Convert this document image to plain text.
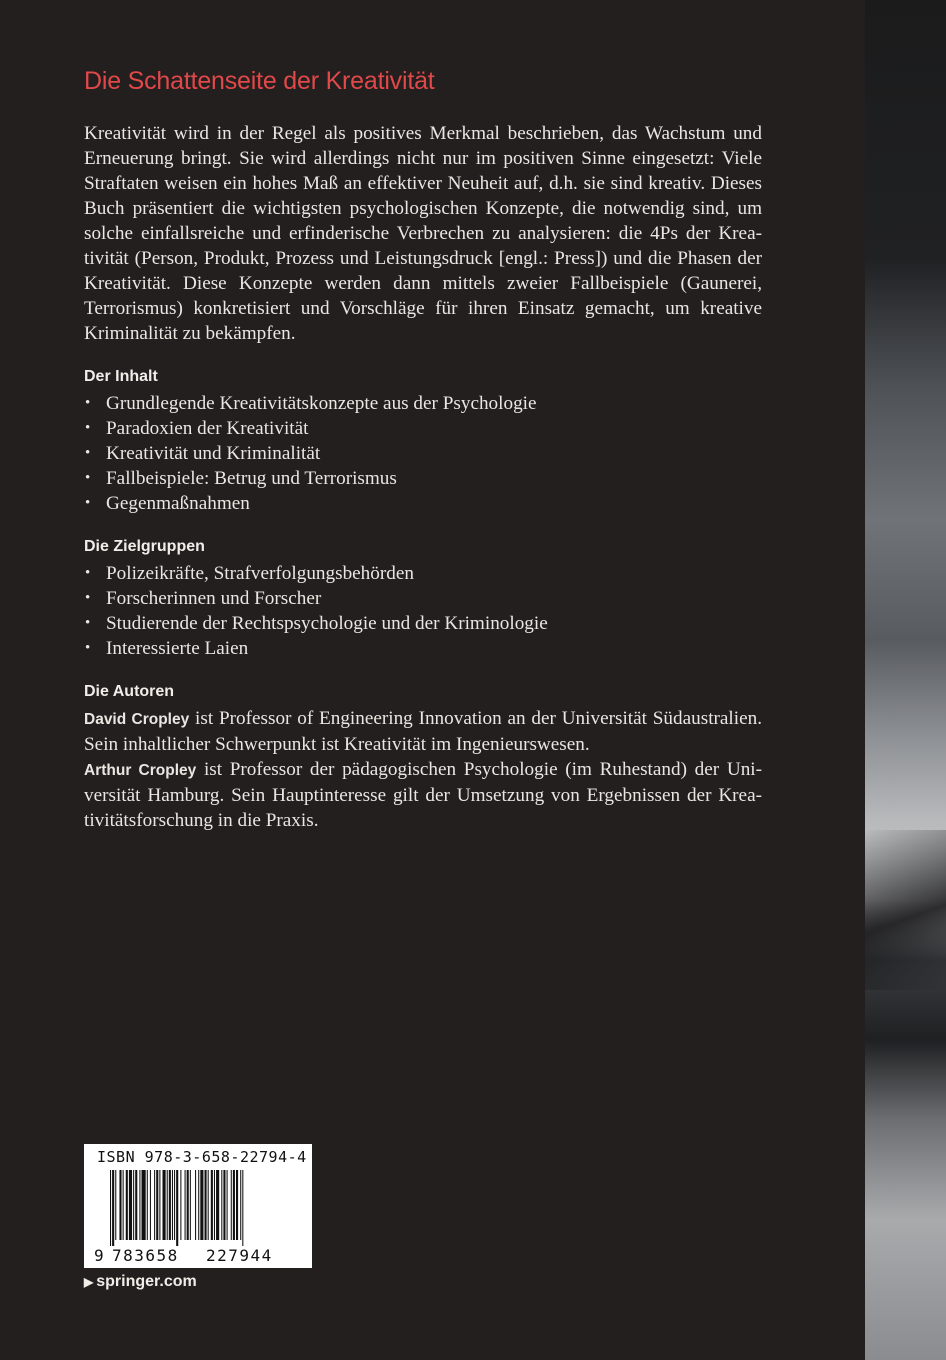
Die Schattenseite der Kreativität

Kreativität wird in der Regel als positives Merkmal beschrieben, das Wachstum und Erneuerung bringt. Sie wird allerdings nicht nur im positiven Sinne eingesetzt: Viele Straftaten weisen ein hohes Maß an effektiver Neuheit auf, d.h. sie sind kreativ. Dieses Buch präsentiert die wichtigsten psychologischen Konzepte, die notwendig sind, um solche einfallsreiche und erfinderische Verbrechen zu analysieren: die 4Ps der Kreativität (Person, Produkt, Prozess und Leistungsdruck [engl.: Press]) und die Phasen der Kreativität. Diese Konzepte werden dann mittels zweier Fallbeispiele (Gaunerei, Terrorismus) konkretisiert und Vorschläge für ihren Einsatz gemacht, um kreative Kriminalität zu bekämpfen.

Der Inhalt
• Grundlegende Kreativitätskonzepte aus der Psychologie
• Paradoxien der Kreativität
• Kreativität und Kriminalität
• Fallbeispiele: Betrug und Terrorismus
• Gegenmaßnahmen
Die Zielgruppen
• Polizeikräfte, Strafverfolgungsbehörden
• Forscherinnen und Forscher
• Studierende der Rechtspsychologie und der Kriminologie
• Interessierte Laien
Die Autoren

David Cropley ist Professor of Engineering Innovation an der Universität Südaustralien. Sein inhaltlicher Schwerpunkt ist Kreativität im Ingenieurswesen.
Arthur Cropley ist Professor der pädagogischen Psychologie (im Ruhestand) der Universität Hamburg. Sein Hauptinteresse gilt der Umsetzung von Ergebnissen der Kreativitätsforschung in die Praxis.

ISBN 978-3-658-22794-4
9 783658 227944
▶ springer.com
